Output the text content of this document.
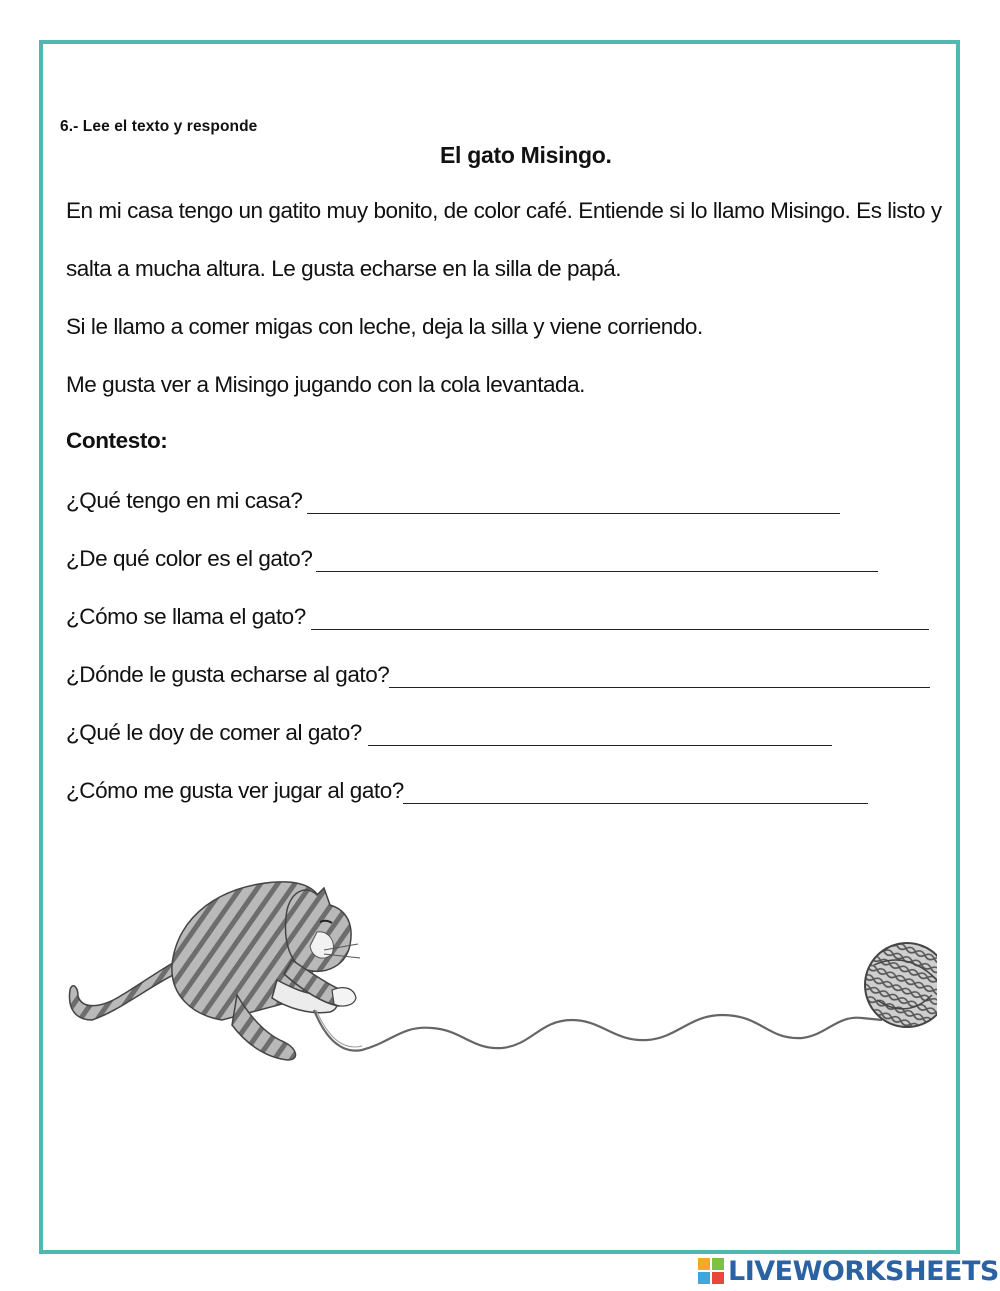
6.- Lee el texto y responde
El gato Misingo.
En mi casa tengo un gatito muy bonito, de color café. Entiende si lo llamo Misingo. Es listo y
salta a mucha altura. Le gusta echarse en la silla de papá.
Si le llamo a comer migas con leche, deja la silla y viene corriendo.
Me gusta ver a Misingo jugando con la cola levantada.
Contesto:
¿Qué tengo en mi casa?
¿De qué color es el gato?
¿Cómo se llama el gato?
¿Dónde le gusta echarse al gato?
¿Qué le doy de comer al gato?
¿Cómo me gusta ver jugar al gato?
LIVEWORKSHEETS
